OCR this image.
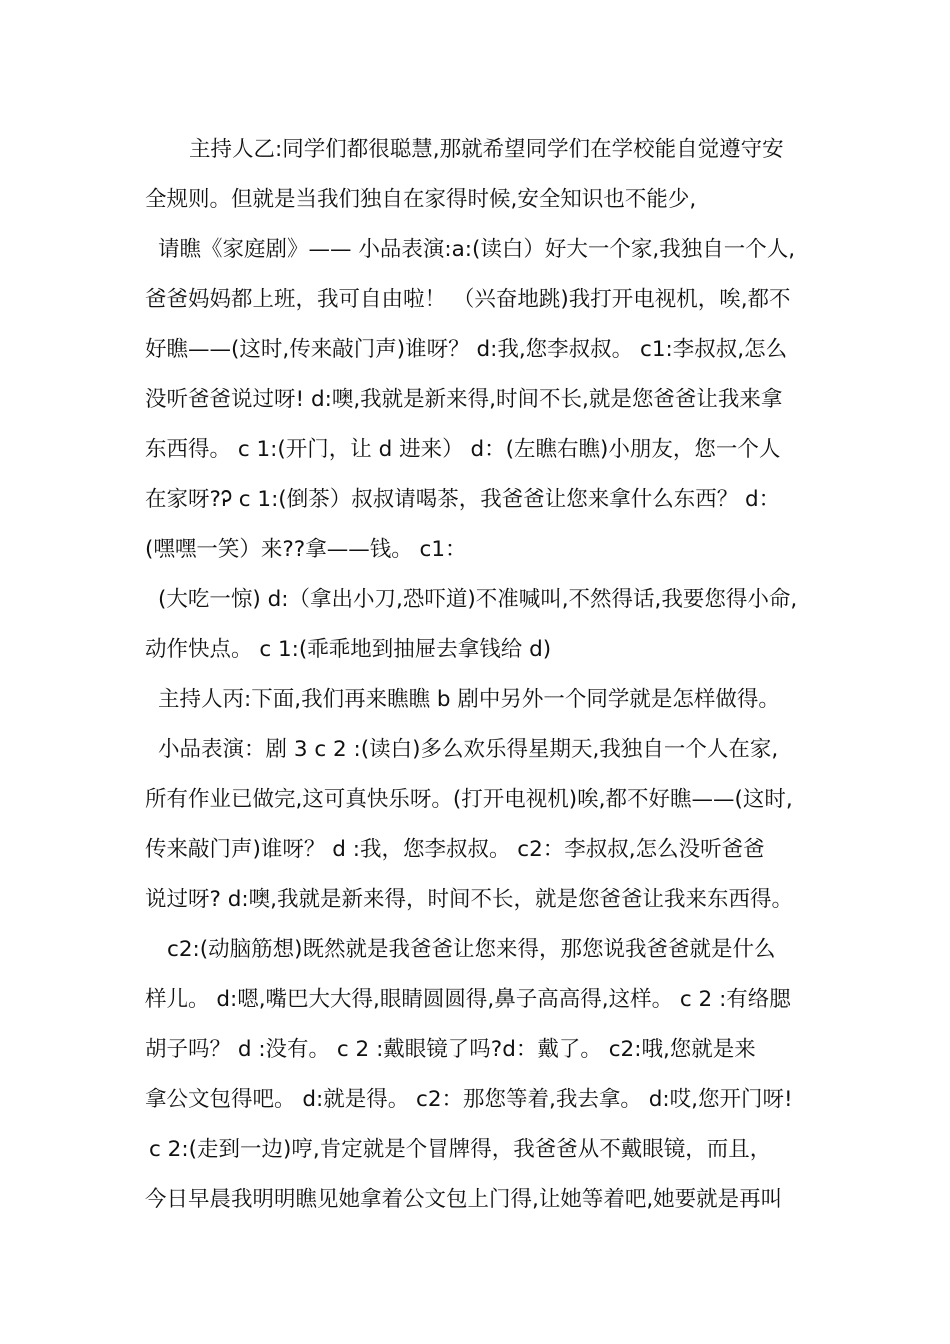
主持人乙:同学们都很聪慧,那就希望同学们在学校能自觉遵守安
全规则。但就是当我们独自在家得时候,安全知识也不能少,
请瞧《家庭剧》—— 小品表演:a:(读白）好大一个家,我独自一个人,
爸爸妈妈都上班，我可自由啦！ （兴奋地跳)我打开电视机，唉,都不
好瞧——(这时,传来敲门声)谁呀？ d:我,您李叔叔。 c1:李叔叔,怎么
没听爸爸说过呀! d:噢,我就是新来得,时间不长,就是您爸爸让我来拿
东西得。 c 1:(开门，让 d 进来） d：(左瞧右瞧)小朋友，您一个人
在家呀?Ꭾ c 1:(倒茶）叔叔请喝茶，我爸爸让您来拿什么东西？ d：
(嘿嘿一笑）来??拿——钱。 c1：
(大吃一惊) d:（拿出小刀,恐吓道)不准喊叫,不然得话,我要您得小命,
动作快点。 c 1:(乖乖地到抽屉去拿钱给 d)
主持人丙:下面,我们再来瞧瞧 b 剧中另外一个同学就是怎样做得。
小品表演：剧 3 c 2 :(读白)多么欢乐得星期天,我独自一个人在家,
所有作业已做完,这可真快乐呀。(打开电视机)唉,都不好瞧——(这时,
传来敲门声)谁呀？ d :我，您李叔叔。 c2：李叔叔,怎么没听爸爸
说过呀? d:噢,我就是新来得，时间不长，就是您爸爸让我来东西得。
c2:(动脑筋想)既然就是我爸爸让您来得，那您说我爸爸就是什么
样儿。 d:嗯,嘴巴大大得,眼睛圆圆得,鼻子高高得,这样。 c 2 :有络腮
胡子吗？ d :没有。 c 2 :戴眼镜了吗?d：戴了。 c2:哦,您就是来
拿公文包得吧。 d:就是得。 c2：那您等着,我去拿。 d:哎,您开门呀!
c 2:(走到一边)哼,肯定就是个冒牌得，我爸爸从不戴眼镜，而且，
今日早晨我明明瞧见她拿着公文包上门得,让她等着吧,她要就是再叫
